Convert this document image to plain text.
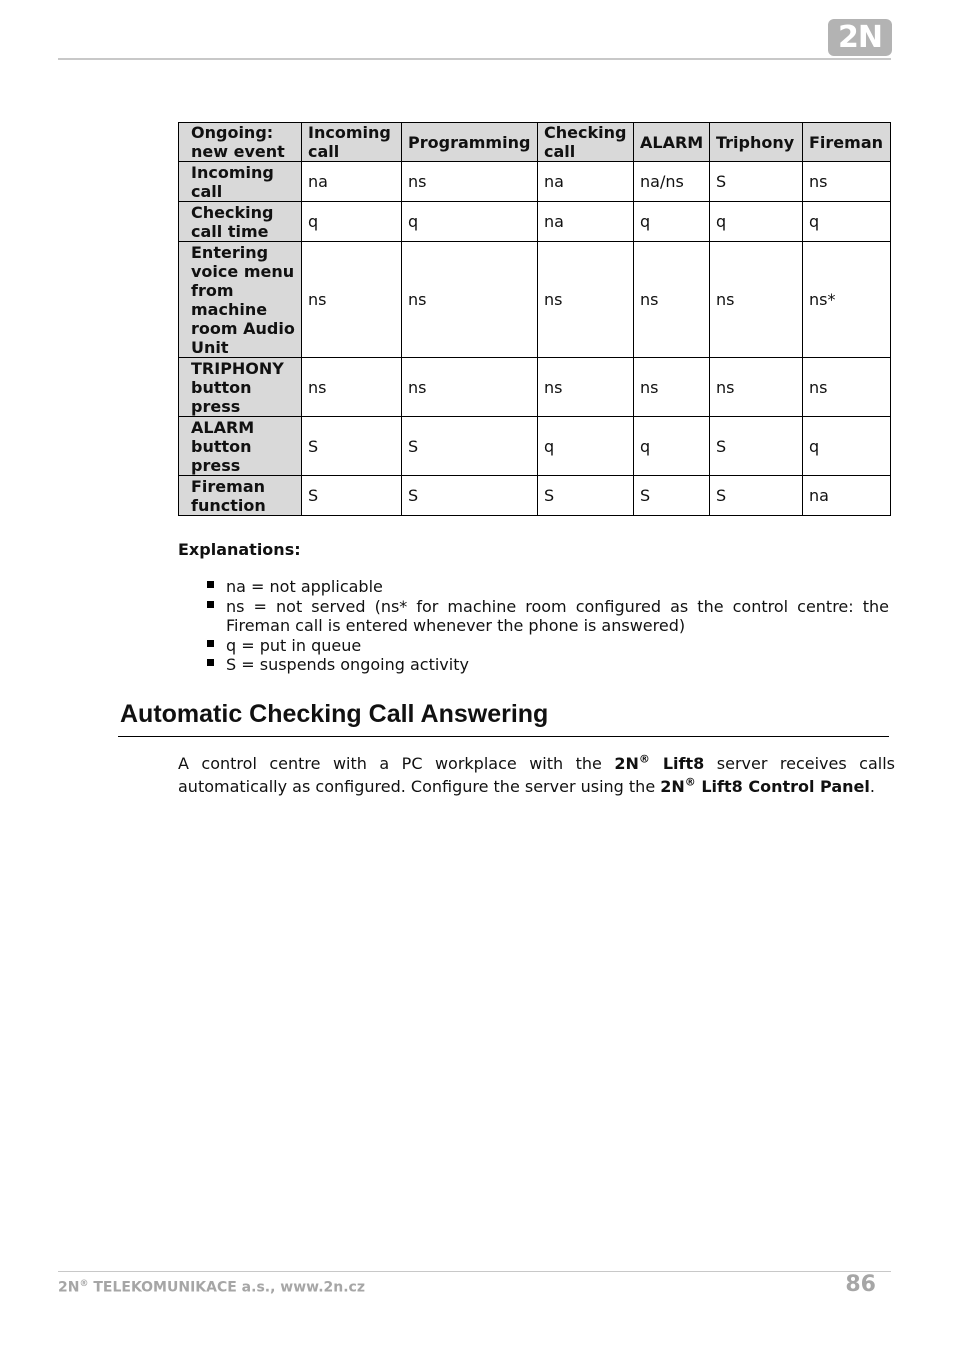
2N
Ongoing: new event	Incoming call	Programming	Checking call	ALARM	Triphony	Fireman
Incoming call	na	ns	na	na/ns	S	ns
Checking call time	q	q	na	q	q	q
Entering voice menu from machine room Audio Unit	ns	ns	ns	ns	ns	ns*
TRIPHONY button press	ns	ns	ns	ns	ns	ns
ALARM button press	S	S	q	q	S	q
Fireman function	S	S	S	S	S	na
Explanations:
na = not applicable
ns = not served (ns* for machine room configured as the control centre: the Fireman call is entered whenever the phone is answered)
q = put in queue
S = suspends ongoing activity
Automatic Checking Call Answering

A control centre with a PC workplace with the 2N® Lift8 server receives calls automatically as configured. Configure the server using the 2N® Lift8 Control Panel.

2N® TELEKOMUNIKACE a.s., www.2n.cz	86
